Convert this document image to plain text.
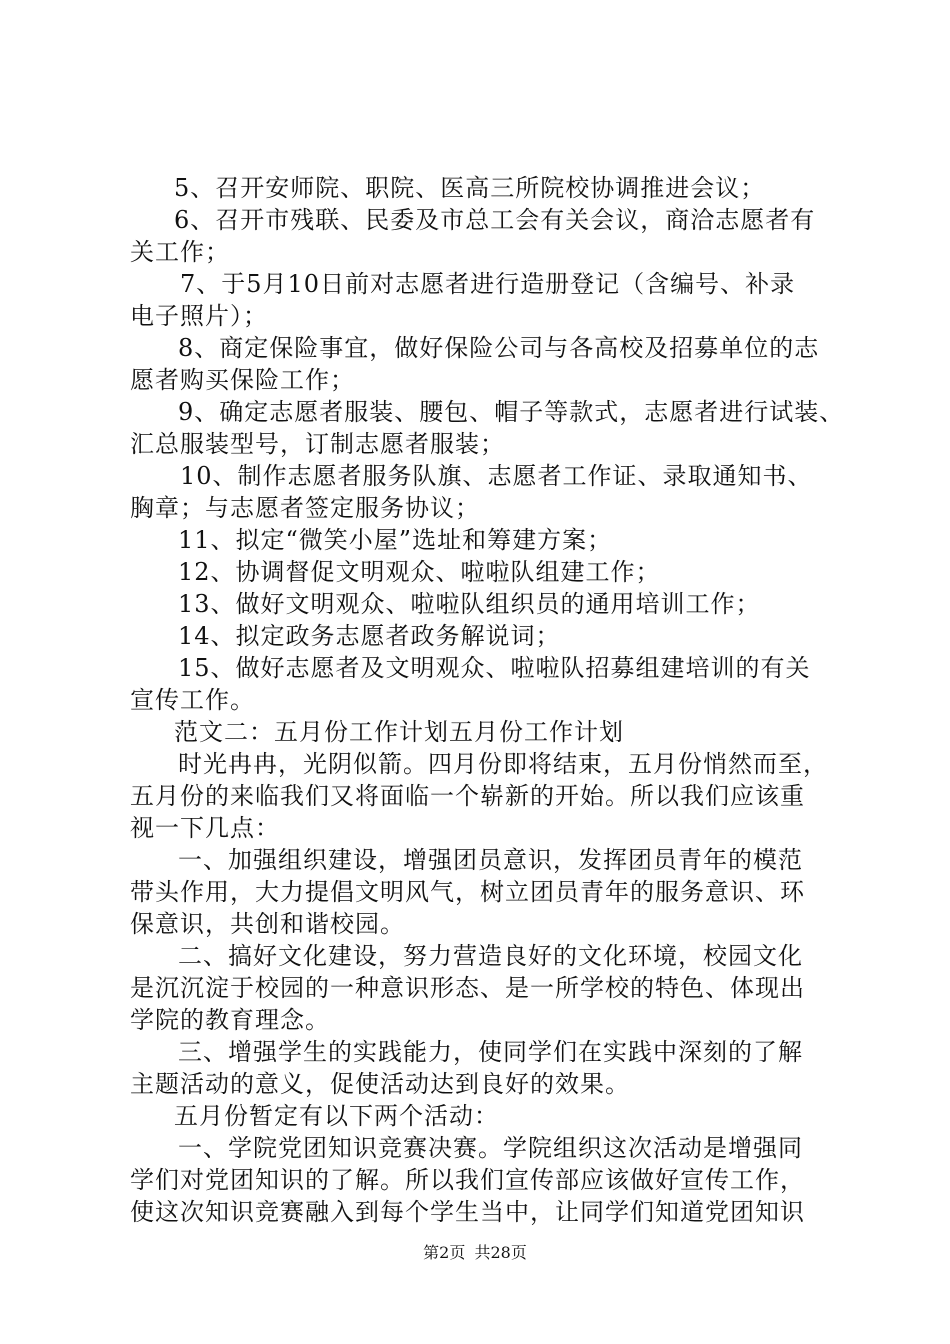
5、召开安师院、职院、医高三所院校协调推进会议；
6、召开市残联、民委及市总工会有关会议，商洽志愿者有
关工作；
7、于5月10日前对志愿者进行造册登记（含编号、补录
电子照片）；
8、商定保险事宜，做好保险公司与各高校及招募单位的志
愿者购买保险工作；
9、确定志愿者服装、腰包、帽子等款式，志愿者进行试装、
汇总服装型号，订制志愿者服装；
10、制作志愿者服务队旗、志愿者工作证、录取通知书、
胸章；与志愿者签定服务协议；
11、拟定“微笑小屋”选址和筹建方案；
12、协调督促文明观众、啦啦队组建工作；
13、做好文明观众、啦啦队组织员的通用培训工作；
14、拟定政务志愿者政务解说词；
15、做好志愿者及文明观众、啦啦队招募组建培训的有关
宣传工作。
范文二：五月份工作计划五月份工作计划
时光冉冉，光阴似箭。四月份即将结束，五月份悄然而至，
五月份的来临我们又将面临一个崭新的开始。所以我们应该重
视一下几点：
一、加强组织建设，增强团员意识，发挥团员青年的模范
带头作用，大力提倡文明风气，树立团员青年的服务意识、环
保意识，共创和谐校园。
二、搞好文化建设，努力营造良好的文化环境，校园文化
是沉沉淀于校园的一种意识形态、是一所学校的特色、体现出
学院的教育理念。
三、增强学生的实践能力，使同学们在实践中深刻的了解
主题活动的意义，促使活动达到良好的效果。
五月份暂定有以下两个活动：
一、学院党团知识竞赛决赛。学院组织这次活动是增强同
学们对党团知识的了解。所以我们宣传部应该做好宣传工作，
使这次知识竞赛融入到每个学生当中，让同学们知道党团知识
第2页 共28页
